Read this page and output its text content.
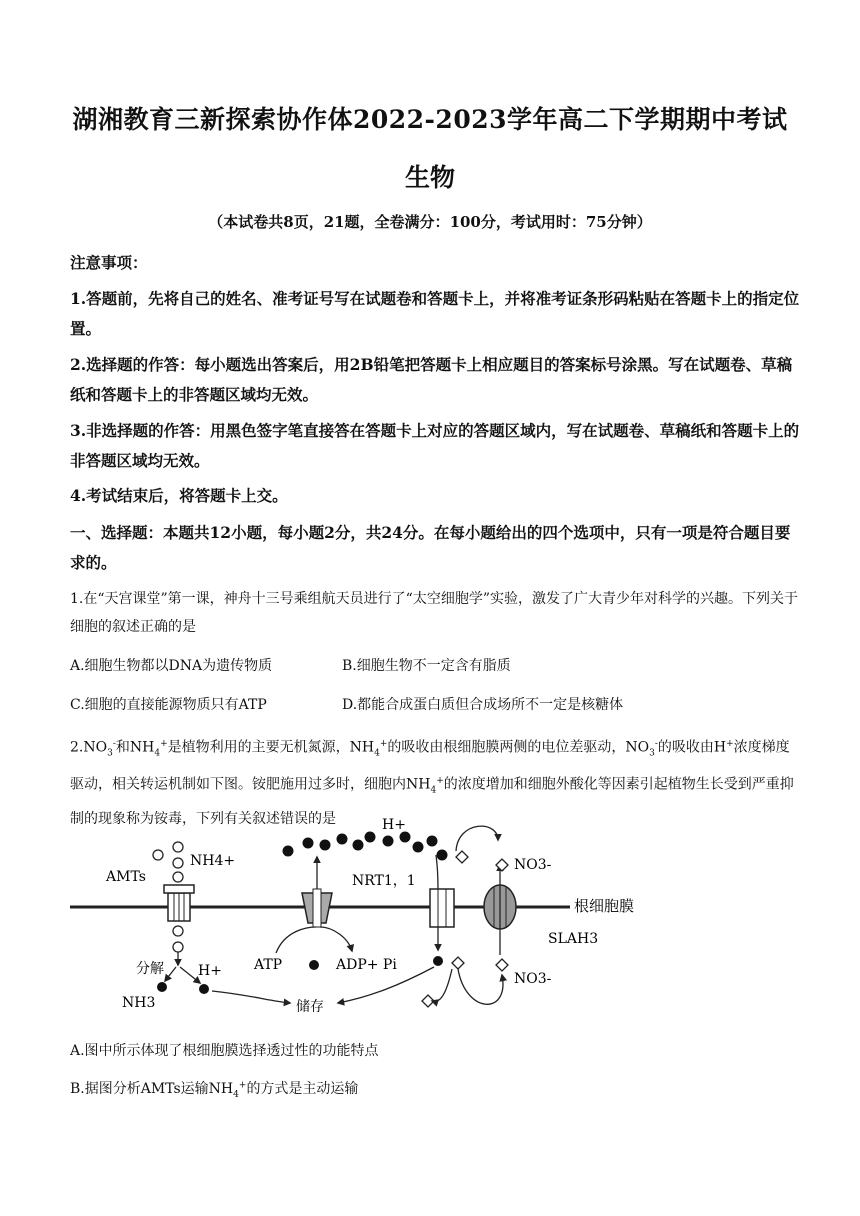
湖湘教育三新探索协作体2022-2023学年高二下学期期中考试
生物
（本试卷共8页，21题，全卷满分：100分，考试用时：75分钟）
注意事项：
1.答题前，先将自己的姓名、准考证号写在试题卷和答题卡上，并将准考证条形码粘贴在答题卡上的指定位置。
2.选择题的作答：每小题选出答案后，用2B铅笔把答题卡上相应题目的答案标号涂黑。写在试题卷、草稿纸和答题卡上的非答题区域均无效。
3.非选择题的作答：用黑色签字笔直接答在答题卡上对应的答题区域内，写在试题卷、草稿纸和答题卡上的非答题区域均无效。
4.考试结束后，将答题卡上交。
一、选择题：本题共12小题，每小题2分，共24分。在每小题给出的四个选项中，只有一项是符合题目要求的。
1.在“天宫课堂”第一课，神舟十三号乘组航天员进行了“太空细胞学”实验，激发了广大青少年对科学的兴趣。下列关于细胞的叙述正确的是
A.细胞生物都以DNA为遗传物质	B.细胞生物不一定含有脂质
C.细胞的直接能源物质只有ATP	D.都能合成蛋白质但合成场所不一定是核糖体
$2.NO_3^-$和$NH_4^+$是植物利用的主要无机氮源，$NH_4^+$的吸收由根细胞膜两侧的电位差驱动，$NO_3^-$的吸收由H+浓度梯度驱动，相关转运机制如下图。铵肥施用过多时，细胞内$NH_4^+$的浓度增加和细胞外酸化等因素引起植物生长受到严重抑制的现象称为铵毒，下列有关叙述错误的是
NH4+
AMTs
H+
NRT1，1
NO3-
根细胞膜
SLAH3
NO3-
分解 H+
NH3
ATP	ADP+ Pi
储存
A.图中所示体现了根细胞膜选择透过性的功能特点
B.据图分析AMTs运输$NH_4^+$的方式是主动运输
